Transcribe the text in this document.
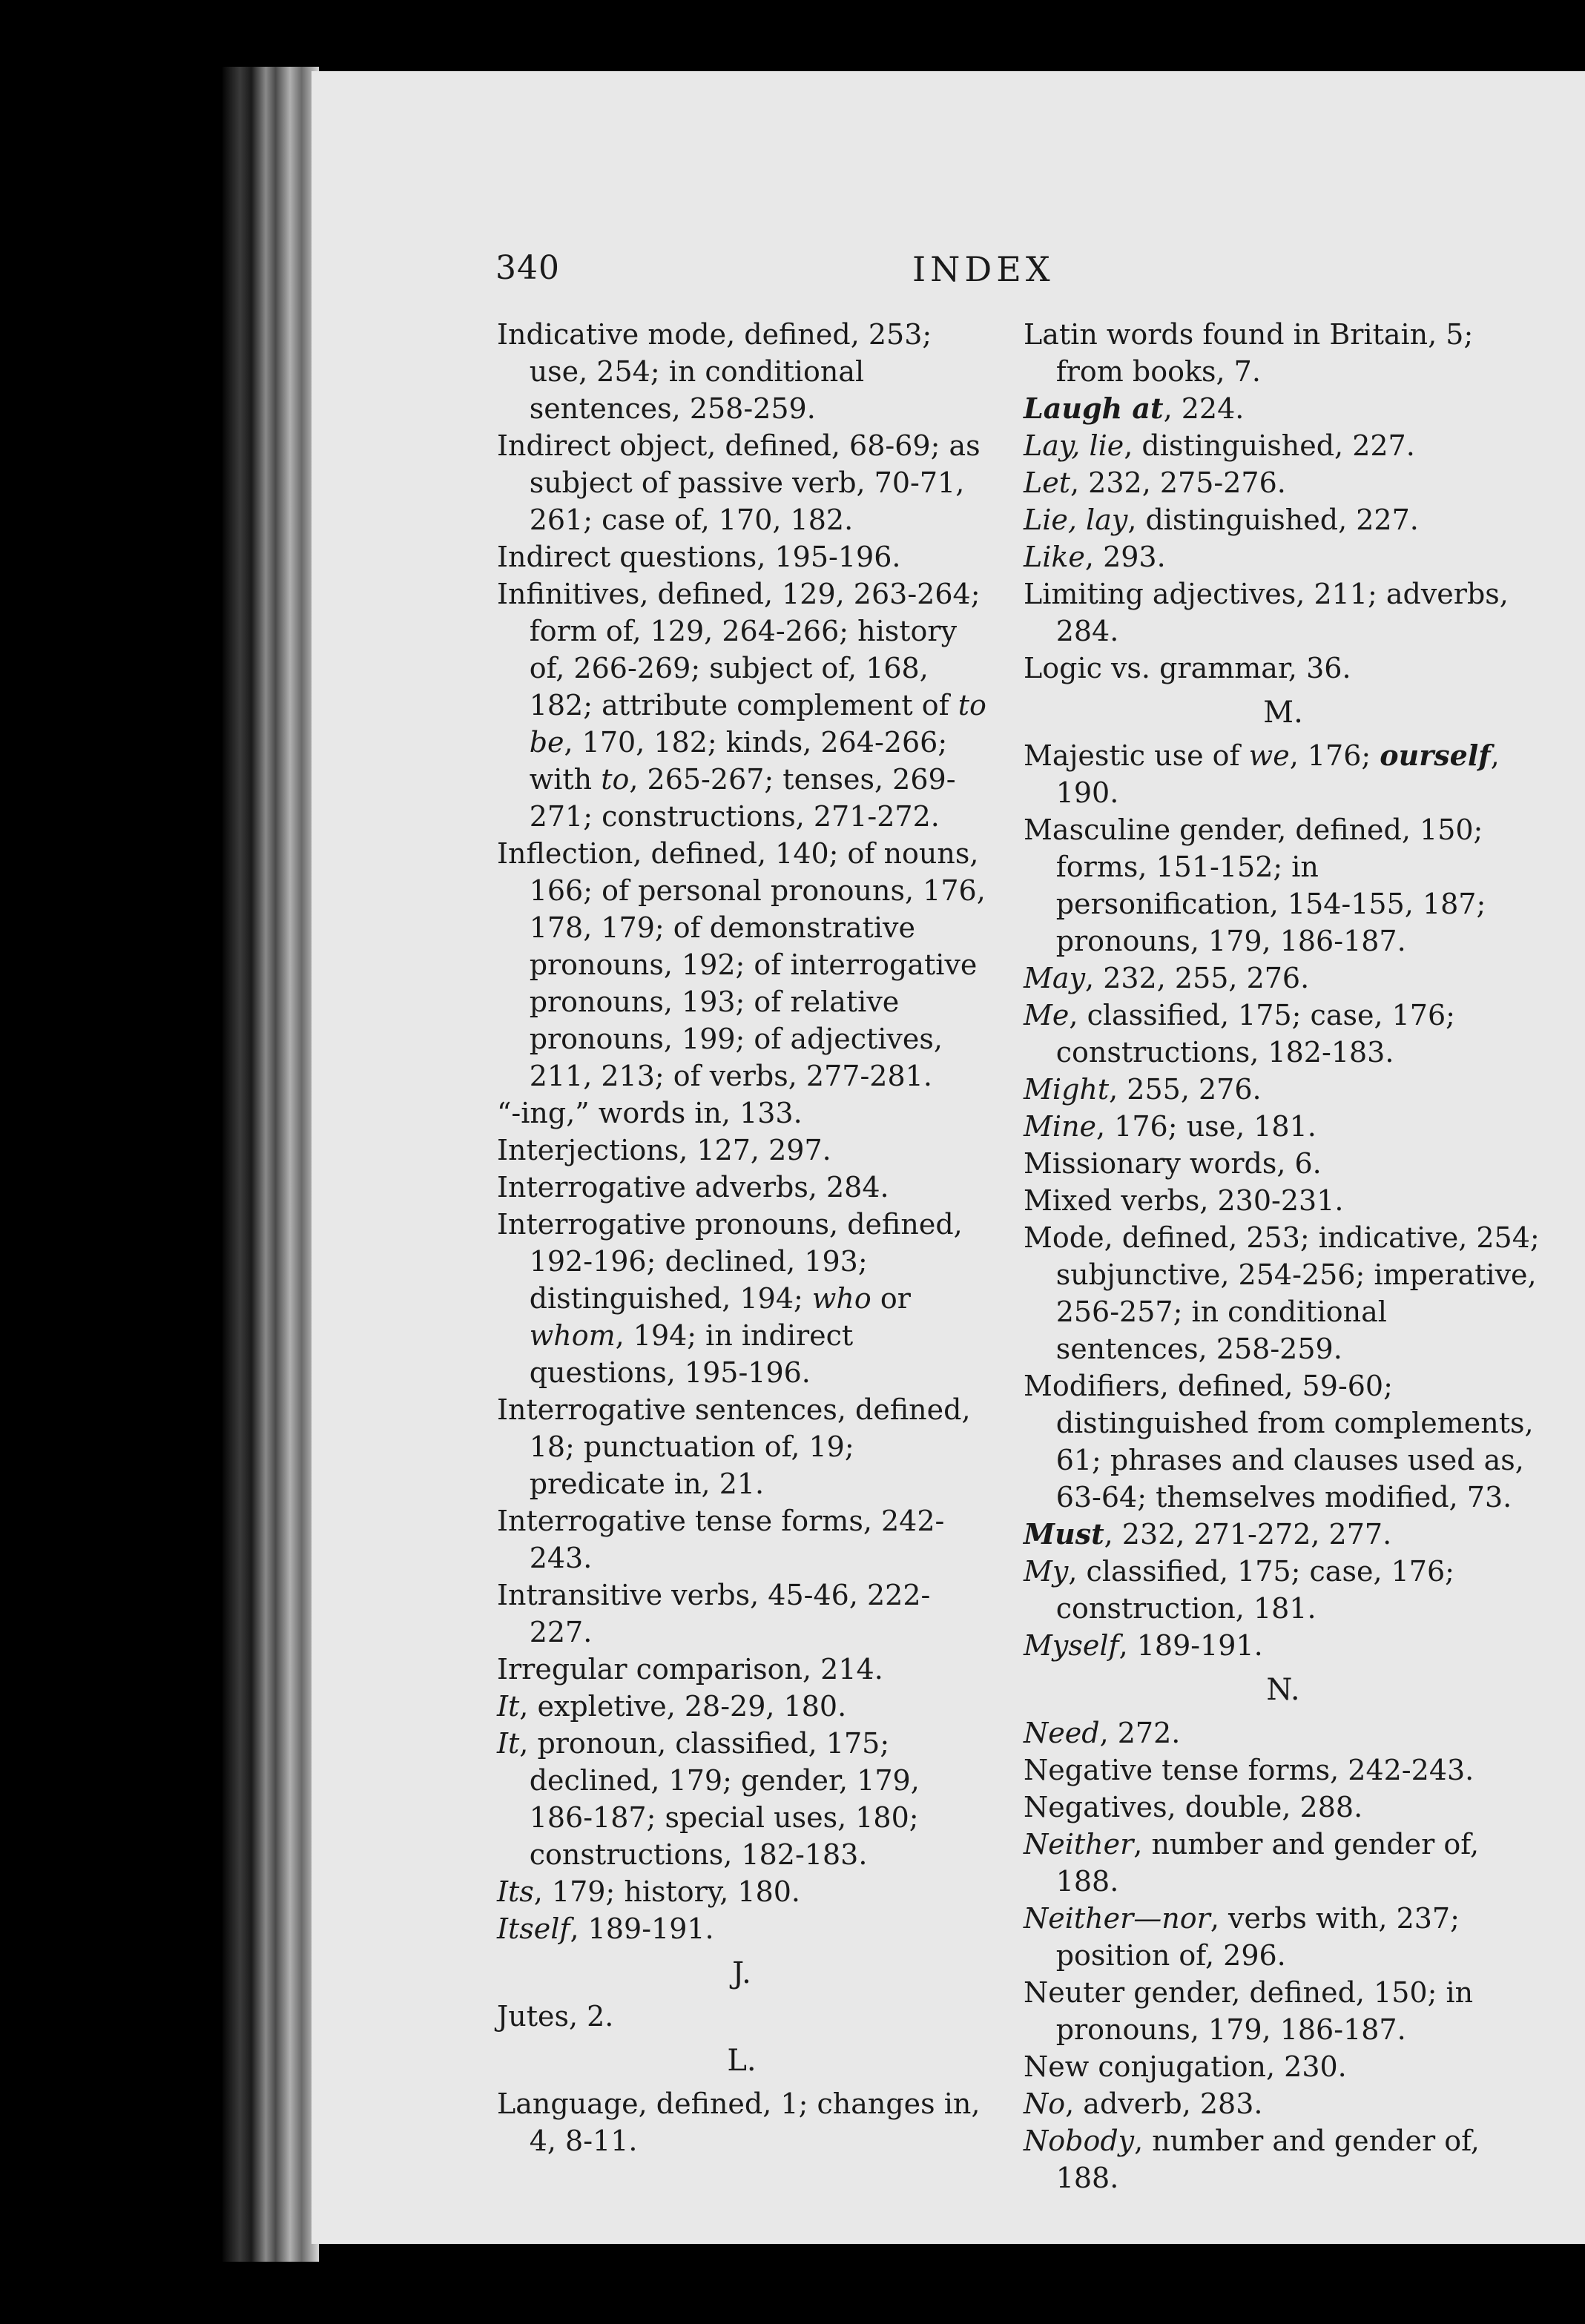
340	INDEX

Indicative mode, defined, 253; use, 254; in conditional sentences, 258-259.

Indirect object, defined, 68-69; as subject of passive verb, 70-71, 261; case of, 170, 182.

Indirect questions, 195-196.

Infinitives, defined, 129, 263-264; form of, 129, 264-266; history of, 266-269; subject of, 168, 182; attribute complement of to be, 170, 182; kinds, 264-266; with to, 265-267; tenses, 269-271; constructions, 271-272.

Inflection, defined, 140; of nouns, 166; of personal pronouns, 176, 178, 179; of demonstrative pronouns, 192; of interrogative pronouns, 193; of relative pronouns, 199; of adjectives, 211, 213; of verbs, 277-281.

“-ing,” words in, 133.

Interjections, 127, 297.

Interrogative adverbs, 284.

Interrogative pronouns, defined, 192-196; declined, 193; distinguished, 194; who or whom, 194; in indirect questions, 195-196.

Interrogative sentences, defined, 18; punctuation of, 19; predicate in, 21.

Interrogative tense forms, 242-243.

Intransitive verbs, 45-46, 222-227.

Irregular comparison, 214.

It, expletive, 28-29, 180.

It, pronoun, classified, 175; declined, 179; gender, 179, 186-187; special uses, 180; constructions, 182-183.

Its, 179; history, 180.

Itself, 189-191.

J.

Jutes, 2.

L.

Language, defined, 1; changes in, 4, 8-11.

Latin words found in Britain, 5; from books, 7.

Laugh at, 224.

Lay, lie, distinguished, 227.

Let, 232, 275-276.

Lie, lay, distinguished, 227.

Like, 293.

Limiting adjectives, 211; adverbs, 284.

Logic vs. grammar, 36.

M.

Majestic use of we, 176; ourself, 190.

Masculine gender, defined, 150; forms, 151-152; in personification, 154-155, 187; pronouns, 179, 186-187.

May, 232, 255, 276.

Me, classified, 175; case, 176; constructions, 182-183.

Might, 255, 276.

Mine, 176; use, 181.

Missionary words, 6.

Mixed verbs, 230-231.

Mode, defined, 253; indicative, 254; subjunctive, 254-256; imperative, 256-257; in conditional sentences, 258-259.

Modifiers, defined, 59-60; distinguished from complements, 61; phrases and clauses used as, 63-64; themselves modified, 73.

Must, 232, 271-272, 277.

My, classified, 175; case, 176; construction, 181.

Myself, 189-191.

N.

Need, 272.

Negative tense forms, 242-243.

Negatives, double, 288.

Neither, number and gender of, 188.

Neither—nor, verbs with, 237; position of, 296.

Neuter gender, defined, 150; in pronouns, 179, 186-187.

New conjugation, 230.

No, adverb, 283.

Nobody, number and gender of, 188.
